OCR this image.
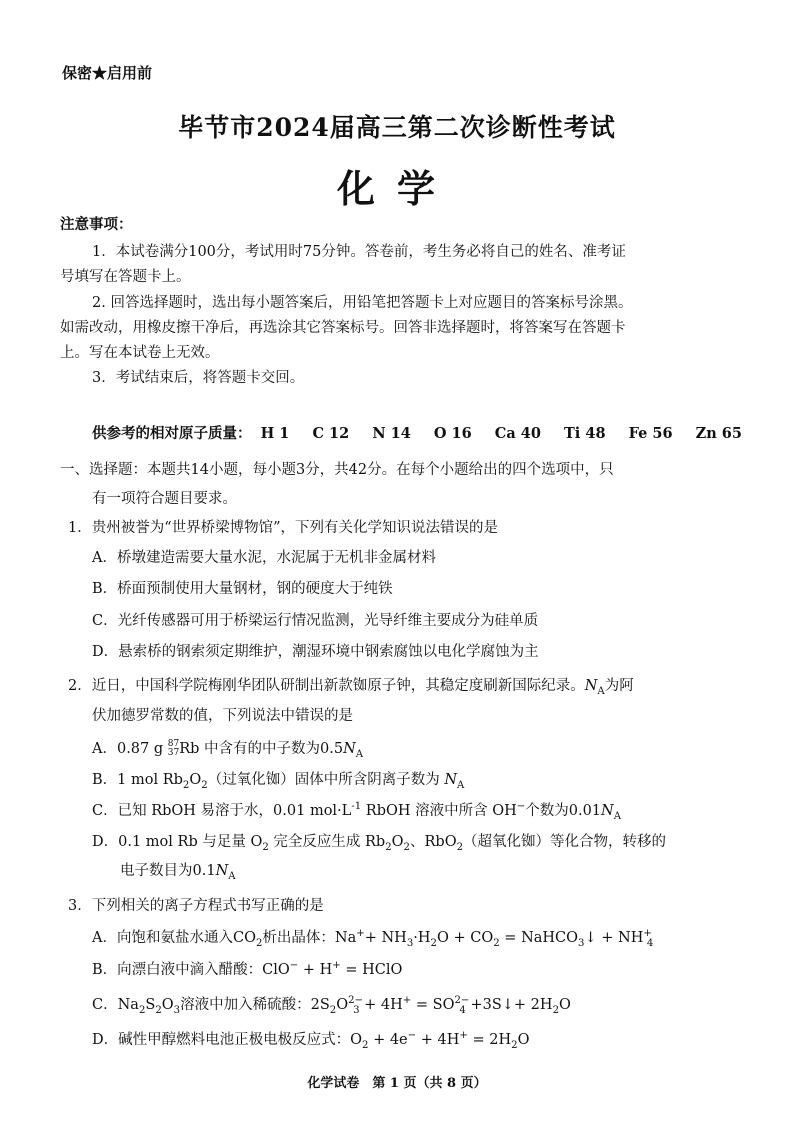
保密★启用前
毕节市2024届高三第二次诊断性考试
化学
注意事项：
1．本试卷满分100分，考试用时75分钟。答卷前，考生务必将自己的姓名、准考证
号填写在答题卡上。
2. 回答选择题时，选出每小题答案后，用铅笔把答题卡上对应题目的答案标号涂黑。
如需改动，用橡皮擦干净后，再选涂其它答案标号。回答非选择题时，将答案写在答题卡
上。写在本试卷上无效。
3．考试结束后，将答题卡交回。
供参考的相对原子质量： H 1 C 12 N 14 O 16 Ca 40 Ti 48 Fe 56 Zn 65
一、选择题：本题共14小题，每小题3分，共42分。在每个小题给出的四个选项中，只
有一项符合题目要求。
1．贵州被誉为“世界桥梁博物馆”，下列有关化学知识说法错误的是
A．桥墩建造需要大量水泥，水泥属于无机非金属材料
B．桥面预制使用大量钢材，钢的硬度大于纯铁
C．光纤传感器可用于桥梁运行情况监测，光导纤维主要成分为硅单质
D．悬索桥的钢索须定期维护，潮湿环境中钢索腐蚀以电化学腐蚀为主
2．近日，中国科学院梅刚华团队研制出新款铷原子钟，其稳定度刷新国际纪录。$N_A$为阿
伏加德罗常数的值，下列说法中错误的是
A．0.87 g 87
37Rb 中含有的中子数为$0.5N_A$
B．1 mol $Rb_2O_2$（过氧化铷）固体中所含阴离子数为 $N_A$
C．已知 RbOH 易溶于水，0.01 $mol\cdot L^{-1}$ RbOH 溶液中所含 OH−个数为$0.01N_A$
D．0.1 mol Rb 与足量 $O_2$ 完全反应生成 $Rb_2O_2$、RbO$_2$（超氧化铷）等化合物，转移的
电子数目为$0.1N_A$
3．下列相关的离子方程式书写正确的是
A．向饱和氨盐水通入$CO_2$析出晶体：$Na^++ NH_3\cdot H_2O + CO_2$ = NaHCO$_3$↓ + $NH^+_4$
B．向漂白液中滴入醋酸：ClO− + H+ = HClO
C．$Na_2S_2O_3$溶液中加入稀硫酸：$2S_2O^{2-}_3 + 4H^+ = SO^{2-}_4$ +3S↓+ $2H_2O$
D．碱性甲醇燃料电池正极电极反应式：$O_2 + 4e^- + 4H^+ = 2H_2O$
化学试卷　第 1 页（共 8 页）
